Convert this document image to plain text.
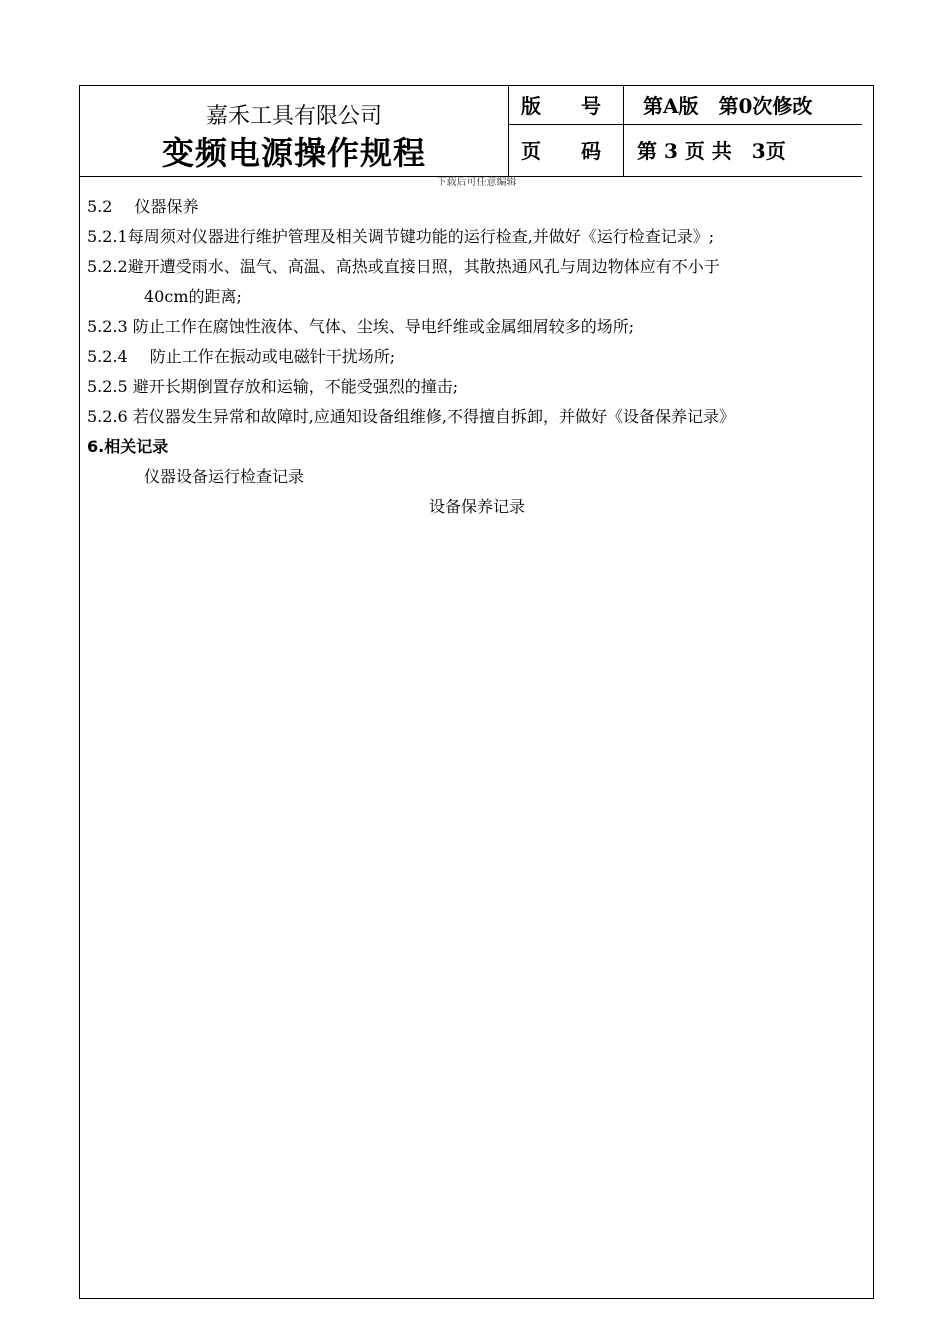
嘉禾工具有限公司
变频电源操作规程
版　　号	第A版　第0次修改
页　　码	第 3 页 共　3页
下载后可任意编辑
5.2 仪器保养
5.2.1每周须对仪器进行维护管理及相关调节键功能的运行检查,并做好《运行检查记录》;
5.2.2避开遭受雨水、温气、高温、高热或直接日照，其散热通风孔与周边物体应有不小于
40cm的距离;
5.2.3 防止工作在腐蚀性液体、气体、尘埃、导电纤维或金属细屑较多的场所;
5.2.4 防止工作在振动或电磁针干扰场所;
5.2.5 避开长期倒置存放和运输，不能受强烈的撞击;
5.2.6 若仪器发生异常和故障时,应通知设备组维修,不得擅自拆卸，并做好《设备保养记录》
6.相关记录
仪器设备运行检查记录
设备保养记录
